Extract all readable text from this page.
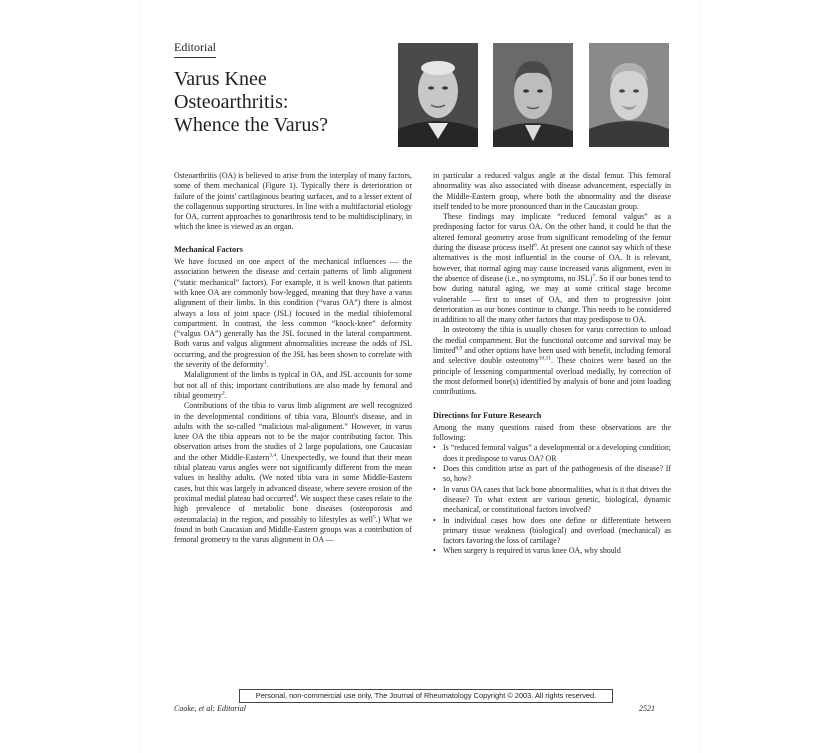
Editorial
Varus Knee
Osteoarthritis:
Whence the Varus?

Osteoarthritis (OA) is believed to arise from the interplay of many factors, some of them mechanical (Figure 1). Typically there is deterioration or failure of the joints' cartilaginous bearing surfaces, and to a lesser extent of the collagenous supporting structures. In line with a multifactorial etiology for OA, current approaches to gonarthrosis tend to be multidisciplinary, in which the knee is viewed as an organ.

Mechanical Factors

We have focused on one aspect of the mechanical influences — the association between the disease and certain patterns of limb alignment (“static mechanical” factors). For example, it is well known that patients with knee OA are commonly bow-legged, meaning that they have a varus alignment of their limbs. In this condition (“varus OA”) there is almost always a loss of joint space (JSL) focused in the medial tibiofemoral compartment. In contrast, the less common “knock-knee” deformity (“valgus OA”) generally has the JSL focused in the lateral compartment. Both varus and valgus alignment abnormalities increase the odds of JSL occurring, and the progression of the JSL has been shown to correlate with the severity of the deformity$^1$.

Malalignment of the limbs is typical in OA, and JSL accounts for some but not all of this; important contributions are also made by femoral and tibial geometry$^2$.

Contributions of the tibia to varus limb alignment are well recognized in the developmental conditions of tibia vara, Blount's disease, and in adults with the so-called “malicious mal-alignment.” However, in varus knee OA the tibia appears not to be the major contributing factor. This observation arises from the studies of 2 large populations, one Caucasian and the other Middle-Eastern$^{3,4}$. Unexpectedly, we found that their mean tibial plateau varus angles were not significantly different from the mean values in healthy adults. (We noted tibia vara in some Middle-Eastern cases, but this was largely in advanced disease, where severe erosion of the proximal medial plateau had occurred$^4$. We suspect these cases relate to the high prevalence of metabolic bone diseases (osteoporosis and osteomalacia) in the region, and possibly to lifestyles as well$^5$.) What we found in both Caucasian and Middle-Eastern groups was a contribution of femoral geometry to the varus alignment in OA —

in particular a reduced valgus angle at the distal femur. This femoral abnormality was also associated with disease advancement, especially in the Middle-Eastern group, where both the abnormality and the disease itself tended to be more pronounced than in the Caucasian group.

These findings may implicate “reduced femoral valgus” as a predisposing factor for varus OA. On the other hand, it could be that the altered femoral geometry arose from significant remodeling of the femur during the disease process itself$^6$. At present one cannot say which of these alternatives is the most influential in the course of OA. It is relevant, however, that normal aging may cause increased varus alignment, even in the absence of disease (i.e., no symptoms, no JSL)$^7$. So if our bones tend to bow during natural aging, we may at some critical stage become vulnerable — first to onset of OA, and then to progressive joint deterioration as our bones continue to change. This needs to be considered in addition to all the many other factors that may predispose to OA.

In osteotomy the tibia is usually chosen for varus correction to unload the medial compartment. But the functional outcome and survival may be limited$^{8,9}$ and other options have been used with benefit, including femoral and selective double osteotomy$^{10,11}$. These choices were based on the principle of lessening compartmental overload medially, by correction of the most deformed bone(s) identified by analysis of bone and joint loading contributions.

Directions for Future Research

Among the many questions raised from these observations are the following:

• Is “reduced femoral valgus” a developmental or a developing condition; does it predispose to varus OA? OR
• Does this condition arise as part of the pathogenesis of the disease? If so, how?
• In varus OA cases that lack bone abnormalities, what is it that drives the disease? To what extent are various genetic, biological, dynamic mechanical, or constitutional factors involved?
• In individual cases how does one define or differentiate between primary tissue weakness (biological) and overload (mechanical) as factors favoring the loss of cartilage?
• When surgery is required in varus knee OA, why should
Personal, non-commercial use only. The Journal of Rheumatology Copyright © 2003. All rights reserved.
Cooke, et al: Editorial	2521
